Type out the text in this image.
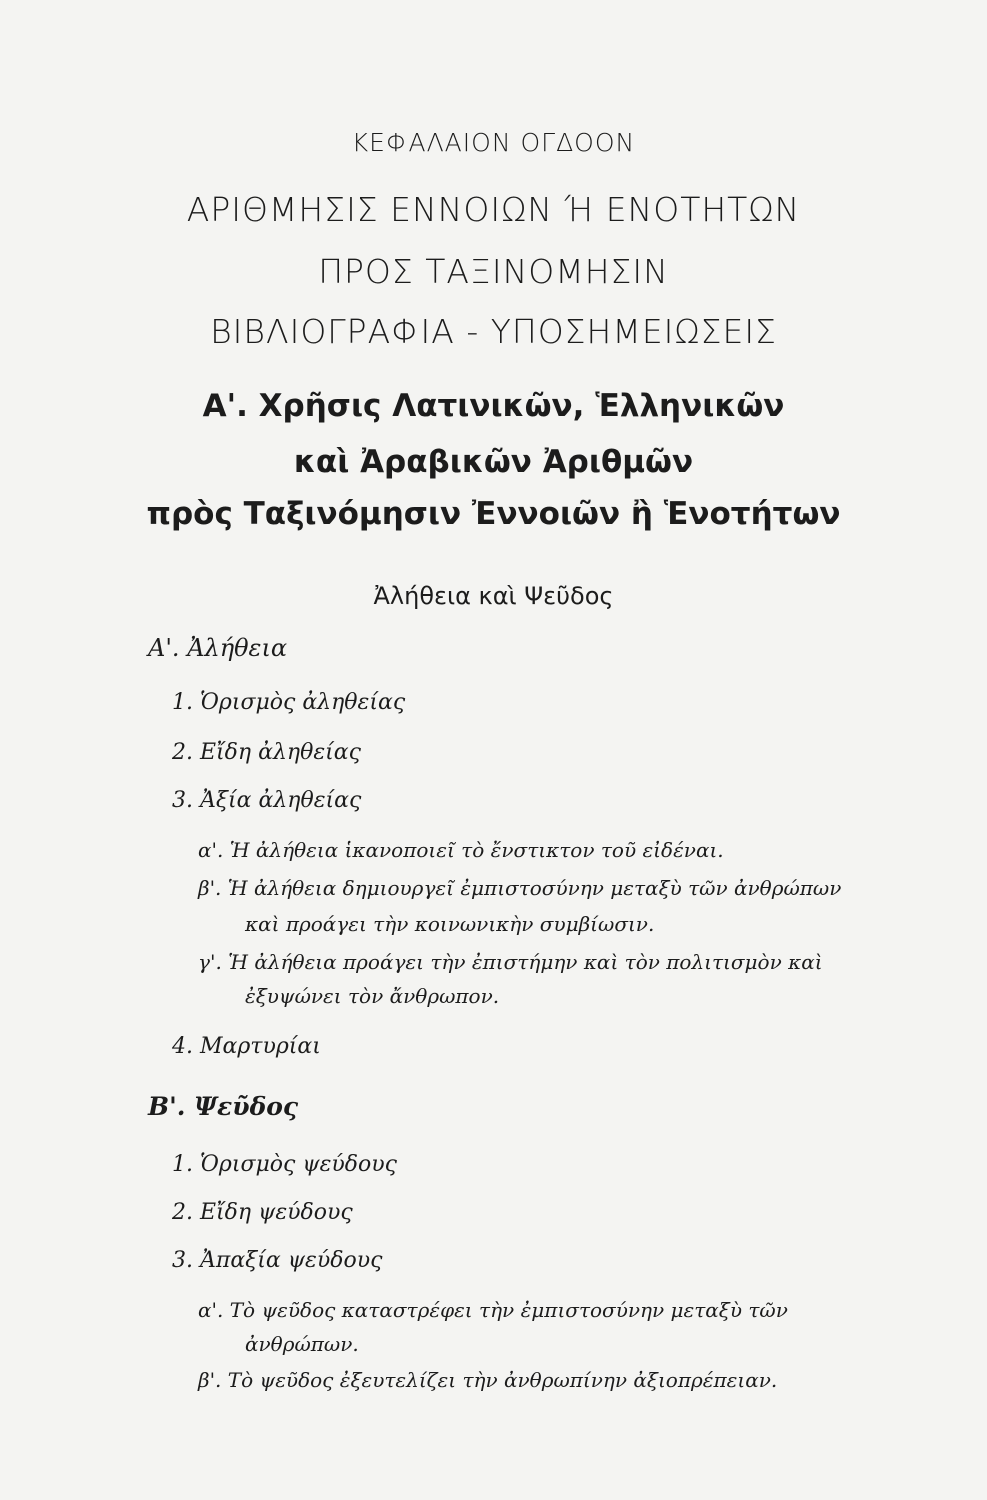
ΚΕΦΑΛΑΙΟΝ ΟΓΔΟΟΝ
ΑΡΙΘΜΗΣΙΣ ΕΝΝΟΙΩΝ Ή ΕΝΟΤΗΤΩΝ
ΠΡΟΣ ΤΑΞΙΝΟΜΗΣΙΝ
ΒΙΒΛΙΟΓΡΑΦΙΑ - ΥΠΟΣΗΜΕΙΩΣΕΙΣ
Α'. Χρῆσις Λατινικῶν, Ἑλληνικῶν
καὶ Ἀραβικῶν Ἀριθμῶν
πρὸς Ταξινόμησιν Ἐννοιῶν ἢ Ἑνοτήτων
Ἀλήθεια καὶ Ψεῦδος
Α'. Ἀλήθεια
1. Ὁρισμὸς ἀληθείας
2. Εἴδη ἀληθείας
3. Ἀξία ἀληθείας
α'. Ἡ ἀλήθεια ἱκανοποιεῖ τὸ ἔνστικτον τοῦ εἰδέναι.
β'. Ἡ ἀλήθεια δημιουργεῖ ἐμπιστοσύνην μεταξὺ τῶν ἀνθρώπων
καὶ προάγει τὴν κοινωνικὴν συμβίωσιν.
γ'. Ἡ ἀλήθεια προάγει τὴν ἐπιστήμην καὶ τὸν πολιτισμὸν καὶ
ἐξυψώνει τὸν ἄνθρωπον.
4. Μαρτυρίαι
Β'. Ψεῦδος
1. Ὁρισμὸς ψεύδους
2. Εἴδη ψεύδους
3. Ἀπαξία ψεύδους
α'. Τὸ ψεῦδος καταστρέφει τὴν ἐμπιστοσύνην μεταξὺ τῶν
ἀνθρώπων.
β'. Τὸ ψεῦδος ἐξευτελίζει τὴν ἀνθρωπίνην ἀξιοπρέπειαν.
